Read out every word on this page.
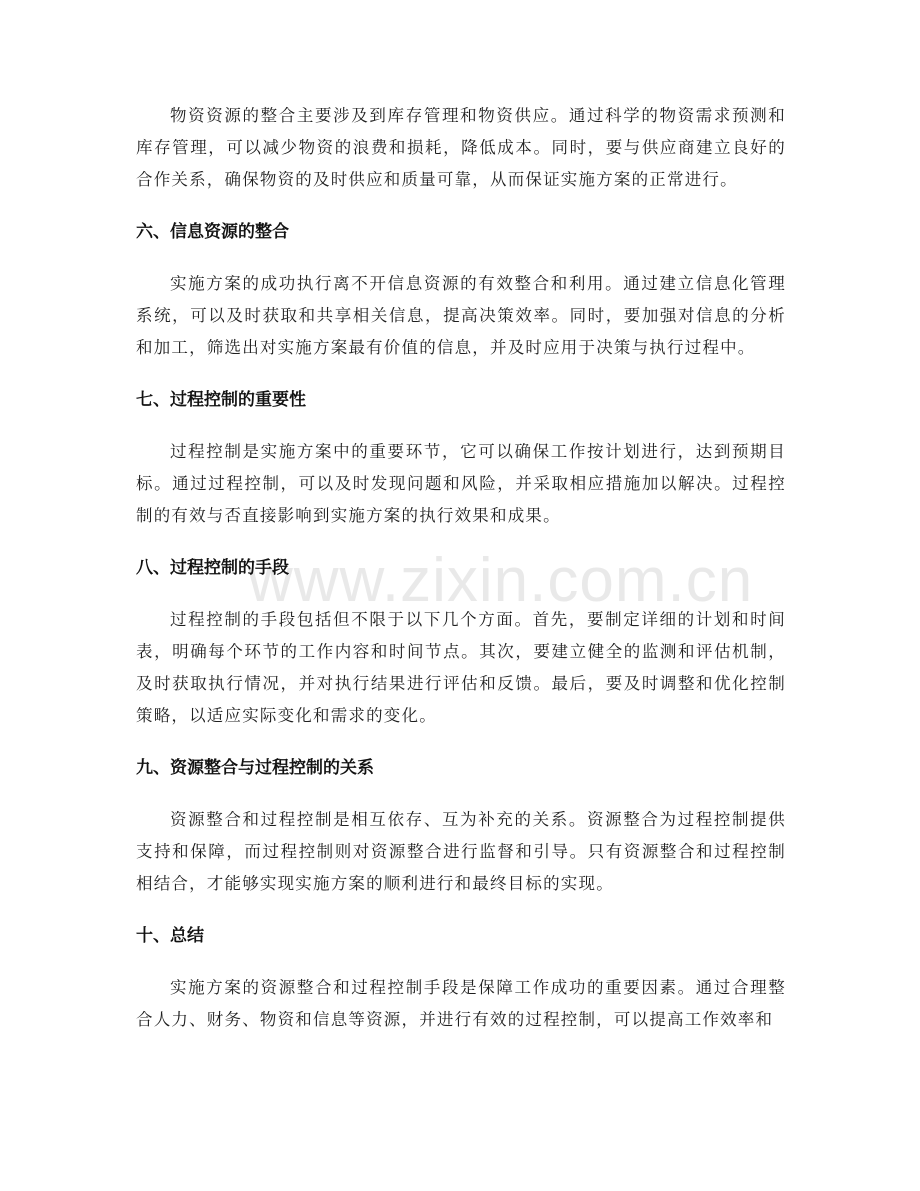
www.zixin.com.cn

物资资源的整合主要涉及到库存管理和物资供应。通过科学的物资需求预测和库存管理，可以减少物资的浪费和损耗，降低成本。同时，要与供应商建立良好的合作关系，确保物资的及时供应和质量可靠，从而保证实施方案的正常进行。

六、信息资源的整合

实施方案的成功执行离不开信息资源的有效整合和利用。通过建立信息化管理系统，可以及时获取和共享相关信息，提高决策效率。同时，要加强对信息的分析和加工，筛选出对实施方案最有价值的信息，并及时应用于决策与执行过程中。

七、过程控制的重要性

过程控制是实施方案中的重要环节，它可以确保工作按计划进行，达到预期目标。通过过程控制，可以及时发现问题和风险，并采取相应措施加以解决。过程控制的有效与否直接影响到实施方案的执行效果和成果。

八、过程控制的手段

过程控制的手段包括但不限于以下几个方面。首先，要制定详细的计划和时间表，明确每个环节的工作内容和时间节点。其次，要建立健全的监测和评估机制，及时获取执行情况，并对执行结果进行评估和反馈。最后，要及时调整和优化控制策略，以适应实际变化和需求的变化。

九、资源整合与过程控制的关系

资源整合和过程控制是相互依存、互为补充的关系。资源整合为过程控制提供支持和保障，而过程控制则对资源整合进行监督和引导。只有资源整合和过程控制相结合，才能够实现实施方案的顺利进行和最终目标的实现。

十、总结

实施方案的资源整合和过程控制手段是保障工作成功的重要因素。通过合理整合人力、财务、物资和信息等资源，并进行有效的过程控制，可以提高工作效率和
